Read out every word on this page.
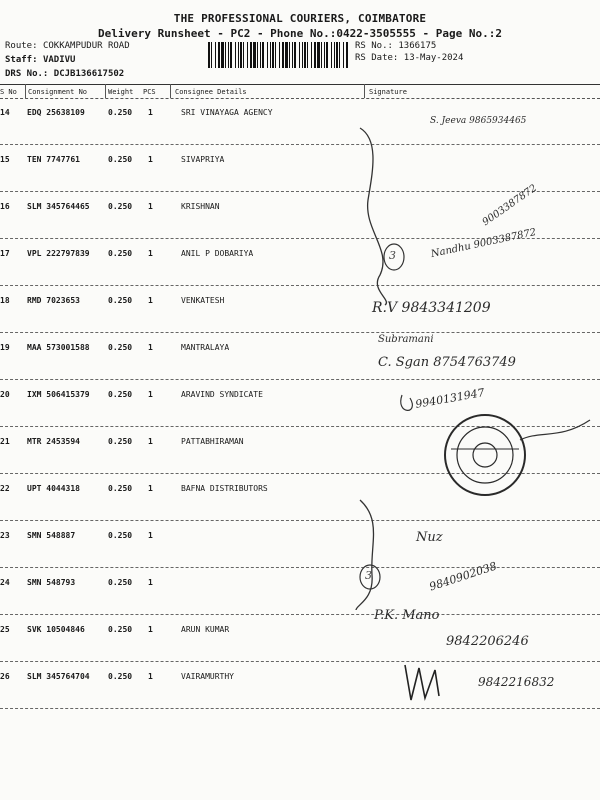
THE PROFESSIONAL COURIERS, COIMBATORE
Delivery Runsheet - PC2 - Phone No.:0422-3505555 - Page No.:2
Route: COKKAMPUDUR ROAD
Staff: VADIVU
DRS No.: DCJB136617502
RS No.: 1366175
RS Date: 13-May-2024
S No Consignment No	Weight PCS	Consignee Details	Signature
14 EDQ 25638109	0.250 1	SRI VINAYAGA AGENCY
15 TEN 7747761	0.250 1	SIVAPRIYA
16 SLM 345764465 0.250 1	KRISHNAN
17 VPL 222797839 0.250 1	ANIL P DOBARIYA
18 RMD 7023653	0.250 1	VENKATESH
19 MAA 573001588 0.250 1	MANTRALAYA
20 IXM 506415379 0.250 1	ARAVIND SYNDICATE
21 MTR 2453594	0.250 1	PATTABHIRAMAN
22 UPT 4044318	0.250 1	BAFNA DISTRIBUTORS
23 SMN 548887	0.250 1
24 SMN 548793	0.250 1
25 SVK 10504846	0.250 1	ARUN KUMAR
26 SLM 345764704 0.250 1	VAIRAMURTHY
S. Jeeva 9865934465
9003387872
Nandhu 9003387872
R.V 9843341209
Subramani
C. Sgan 8754763749
9940131947
Nuz
9840902038
P.K. Mano
9842206246
9842216832
3
3
